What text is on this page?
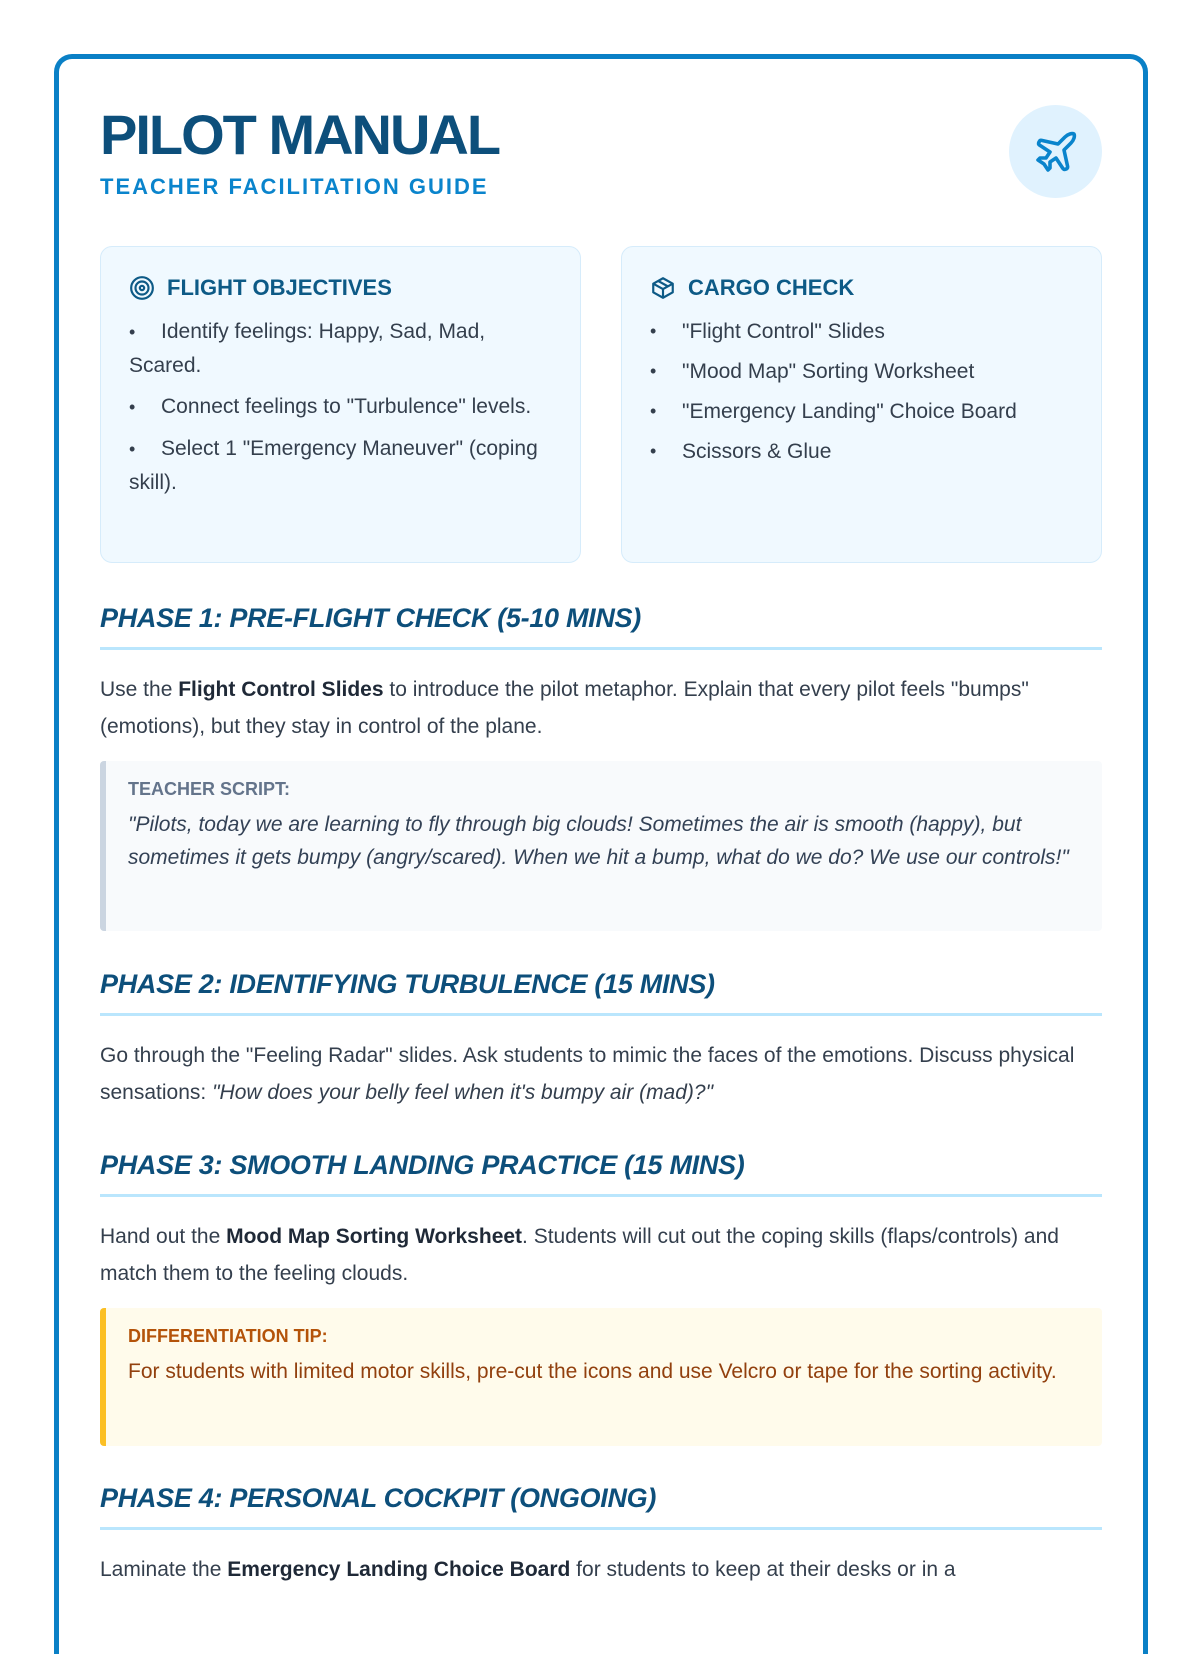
PILOT MANUAL
TEACHER FACILITATION GUIDE
FLIGHT OBJECTIVES
• Identify feelings: Happy, Sad, Mad, Scared.
• Connect feelings to "Turbulence" levels.
• Select 1 "Emergency Maneuver" (coping skill).
CARGO CHECK
• "Flight Control" Slides
• "Mood Map" Sorting Worksheet
• "Emergency Landing" Choice Board
• Scissors & Glue
PHASE 1: PRE-FLIGHT CHECK (5-10 MINS)
Use the Flight Control Slides to introduce the pilot metaphor. Explain that every pilot feels "bumps" (emotions), but they stay in control of the plane.
TEACHER SCRIPT:
"Pilots, today we are learning to fly through big clouds! Sometimes the air is smooth (happy), but sometimes it gets bumpy (angry/scared). When we hit a bump, what do we do? We use our controls!"
PHASE 2: IDENTIFYING TURBULENCE (15 MINS)
Go through the "Feeling Radar" slides. Ask students to mimic the faces of the emotions. Discuss physical sensations: "How does your belly feel when it's bumpy air (mad)?"
PHASE 3: SMOOTH LANDING PRACTICE (15 MINS)
Hand out the Mood Map Sorting Worksheet. Students will cut out the coping skills (flaps/controls) and match them to the feeling clouds.
DIFFERENTIATION TIP:
For students with limited motor skills, pre-cut the icons and use Velcro or tape for the sorting activity.
PHASE 4: PERSONAL COCKPIT (ONGOING)
Laminate the Emergency Landing Choice Board for students to keep at their desks or in a
